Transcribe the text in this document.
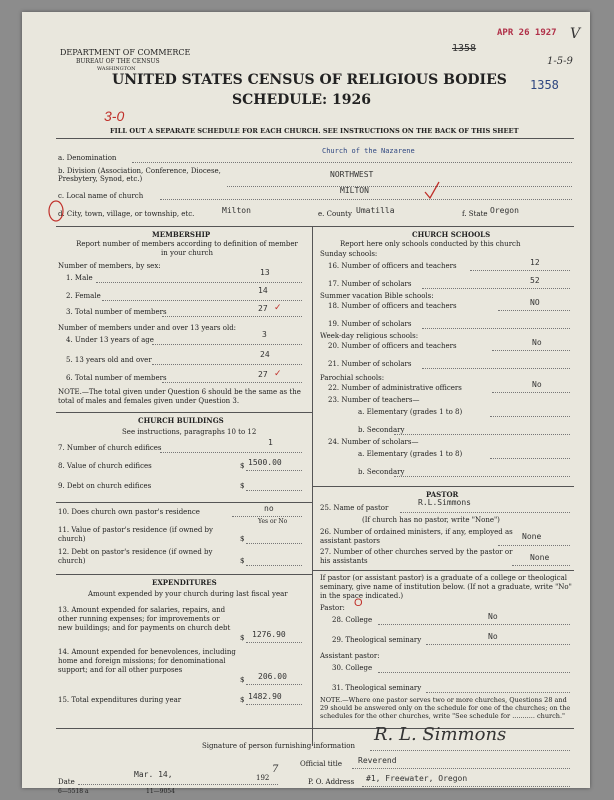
DEPARTMENT OF COMMERCE
BUREAU OF THE CENSUS
WASHINGTON
UNITED STATES CENSUS OF RELIGIOUS BODIES
SCHEDULE: 1926
APR 26 1927 V
1358
1-5-9
1358
3-0
FILL OUT A SEPARATE SCHEDULE FOR EACH CHURCH. SEE INSTRUCTIONS ON THE BACK OF THIS SHEET
a. Denomination
Church of the Nazarene
b. Division (Association, Conference, Diocese, Presbytery, Synod, etc.)	NORTHWEST
c. Local name of church
MILTON
d. City, town, village, or township, etc.	Milton	e. County Umatilla	f. State Oregon
MEMBERSHIP
Report number of members according to definition of member in your church
Number of members, by sex:
1. Male
13
2. Female
14
3. Total number of members	27 ✓
Number of members under and over 13 years old:
4. Under 13 years of age
3
5. 13 years old and over
24
6. Total number of members	27 ✓
NOTE.—The total given under Question 6 should be the same as the total of males and females given under Question 3.
CHURCH BUILDINGS
See instructions, paragraphs 10 to 12
7. Number of church edifices
1
8. Value of church edifices	$ 1500.00
9. Debt on church edifices	$
10. Does church own pastor's residence	no
Yes or No
11. Value of pastor's residence (if owned by church)	$
12. Debt on pastor's residence (if owned by church)	$
EXPENDITURES
Amount expended by your church during last fiscal year
13. Amount expended for salaries, repairs, and other running expenses; for improvements or new buildings; and for payments on church debt
$ 1276.90
14. Amount expended for benevolences, including home and foreign missions; for denominational support; and for all other purposes
$ 206.00
15. Total expenditures during year	$ 1482.90
CHURCH SCHOOLS
Report here only schools conducted by this church
Sunday schools:
16. Number of officers and teachers	12
17. Number of scholars	52
Summer vacation Bible schools:
18. Number of officers and teachers	NO
19. Number of scholars
Week-day religious schools:
20. Number of officers and teachers	No
21. Number of scholars
Parochial schools:
22. Number of administrative officers	No
23. Number of teachers—
a. Elementary (grades 1 to 8)
b. Secondary
24. Number of scholars—
a. Elementary (grades 1 to 8)
b. Secondary
PASTOR
25. Name of pastor
R.L.Simmons
(If church has no pastor, write "None")
26. Number of ordained ministers, if any, employed as assistant pastors	None
27. Number of other churches served by the pastor or his assistants	None
If pastor (or assistant pastor) is a graduate of a college or theological seminary, give name of institution below. (If not a graduate, write "No" in the space indicated.)
Pastor: O
28. College	No
29. Theological seminary	No
Assistant pastor:
30. College
31. Theological seminary
NOTE.—Where one pastor serves two or more churches, Questions 28 and 29 should be answered only on the schedule for one of the churches; on the schedules for the other churches, write "See schedule for ........... church."
Signature of person furnishing information
R. L. Simmons
Official title Reverend
Date
Mar. 14,	192
7
P. O. Address #1, Freewater, Oregon
6—5518 a	11—9054
